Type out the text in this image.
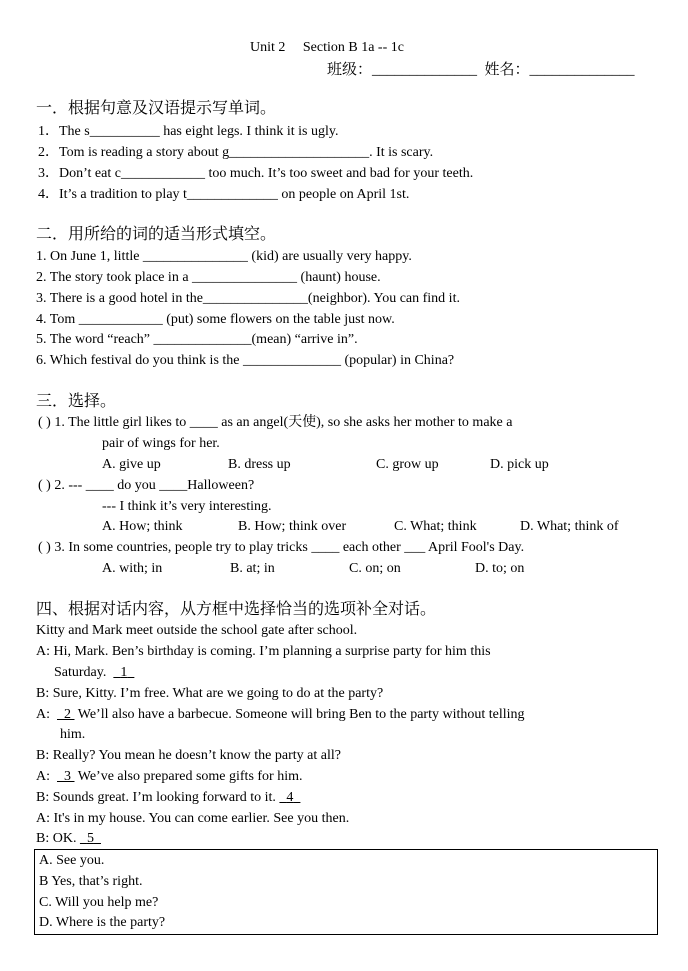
Unit 2 Section B 1a -- 1c
班级：______________ 姓名：______________
一．根据句意及汉语提示写单词。
1．The s__________ has eight legs. I think it is ugly.
2．Tom is reading a story about g____________________. It is scary.
3．Don’t eat c____________ too much. It’s too sweet and bad for your teeth.
4．It’s a tradition to play t_____________ on people on April 1st.
二．用所给的词的适当形式填空。
1. On June 1, little _______________ (kid) are usually very happy.
2. The story took place in a _______________ (haunt) house.
3. There is a good hotel in the_______________(neighbor). You can find it.
4. Tom ____________ (put) some flowers on the table just now.
5. The word “reach” ______________(mean) “arrive in”.
6. Which festival do you think is the ______________ (popular) in China?
三．选择。
( ) 1. The little girl likes to ____ as an angel(天使), so she asks her mother to make a
pair of wings for her.
A. give up	B. dress up	C. grow up	D. pick up
( ) 2. --- ____ do you ____Halloween?
--- I think it’s very interesting.
A. How; think	B. How; think over	C. What; think	D. What; think of
( ) 3. In some countries, people try to play tricks ____ each other ___ April Fool's Day.
A. with; in	B. at; in	C. on; on	D. to; on
四、根据对话内容，从方框中选择恰当的选项补全对话。
Kitty and Mark meet outside the school gate after school.
A: Hi, Mark. Ben’s birthday is coming. I’m planning a surprise party for him this
Saturday. 1
B: Sure, Kitty. I’m free. What are we going to do at the party?
A: 2 We’ll also have a barbecue. Someone will bring Ben to the party without telling
him.
B: Really? You mean he doesn’t know the party at all?
A: 3 We’ve also prepared some gifts for him.
B: Sounds great. I’m looking forward to it. 4
A: It's in my house. You can come earlier. See you then.
B: OK. 5
A. See you.
B Yes, that’s right.
C. Will you help me?
D. Where is the party?
